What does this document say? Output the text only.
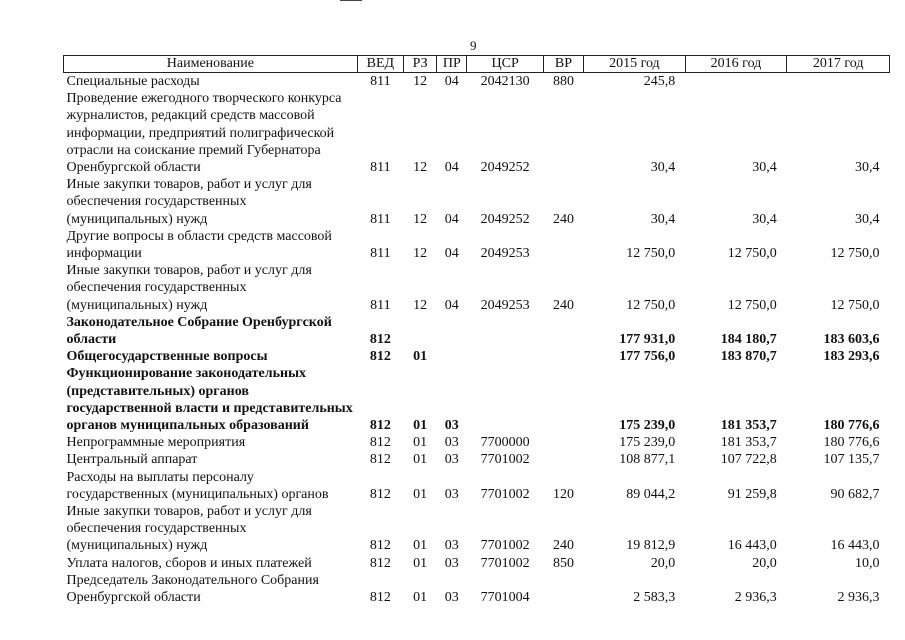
9
Наименование	ВЕД	РЗ	ПР	ЦСР	ВР	2015 год	2016 год	2017 год
Специальные расходы	811	12	04	2042130	880	245,8		
Проведение ежегодного творческого конкурса журналистов, редакций средств массовой информации, предприятий полиграфической отрасли на соискание премий Губернатора Оренбургской области	811	12	04	2049252		30,4	30,4	30,4
Иные закупки товаров, работ и услуг для обеспечения государственных (муниципальных) нужд	811	12	04	2049252	240	30,4	30,4	30,4
Другие вопросы в области средств массовой информации	811	12	04	2049253		12 750,0	12 750,0	12 750,0
Иные закупки товаров, работ и услуг для обеспечения государственных (муниципальных) нужд	811	12	04	2049253	240	12 750,0	12 750,0	12 750,0
Законодательное Собрание Оренбургской области	812					177 931,0	184 180,7	183 603,6
Общегосударственные вопросы	812	01				177 756,0	183 870,7	183 293,6
Функционирование законодательных (представительных) органов государственной власти и представительных органов муниципальных образований	812	01	03			175 239,0	181 353,7	180 776,6
Непрограммные мероприятия	812	01	03	7700000		175 239,0	181 353,7	180 776,6
Центральный аппарат	812	01	03	7701002		108 877,1	107 722,8	107 135,7
Расходы на выплаты персоналу государственных (муниципальных) органов	812	01	03	7701002	120	89 044,2	91 259,8	90 682,7
Иные закупки товаров, работ и услуг для обеспечения государственных (муниципальных) нужд	812	01	03	7701002	240	19 812,9	16 443,0	16 443,0
Уплата налогов, сборов и иных платежей	812	01	03	7701002	850	20,0	20,0	10,0
Председатель Законодательного Собрания Оренбургской области	812	01	03	7701004		2 583,3	2 936,3	2 936,3
